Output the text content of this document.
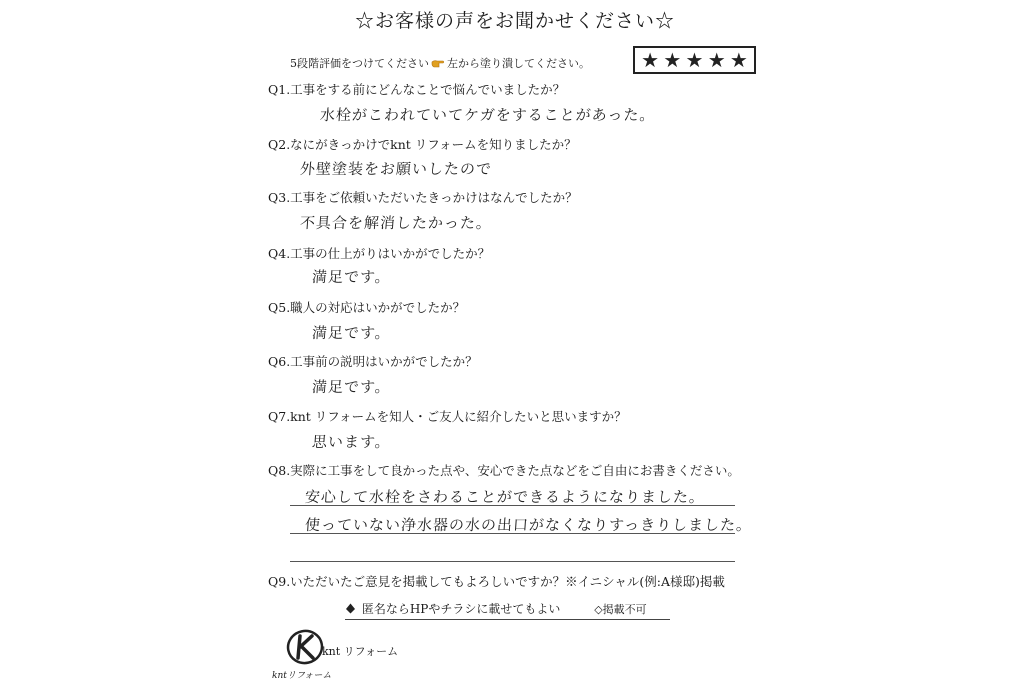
☆お客様の声をお聞かせください☆
5段階評価をつけてください 左から塗り潰してください。	★ ★ ★ ★ ★
Q1.工事をする前にどんなことで悩んでいましたか？
水栓がこわれていてケガをすることがあった。
Q2.なにがきっかけでknt リフォームを知りましたか？
外壁塗装をお願いしたので
Q3.工事をご依頼いただいたきっかけはなんでしたか？
不具合を解消したかった。
Q4.工事の仕上がりはいかがでしたか？
満足です。
Q5.職人の対応はいかがでしたか？
満足です。
Q6.工事前の説明はいかがでしたか？
満足です。
Q7.knt リフォームを知人・ご友人に紹介したいと思いますか？
思います。
Q8.実際に工事をして良かった点や、安心できた点などをご自由にお書きください。
安心して水栓をさわることができるようになりました。
使っていない浄水器の水の出口がなくなりすっきりしました。
Q9.いただいたご意見を掲載してもよろしいですか？※イニシャル(例:A様邸)掲載
匿名ならHPやチラシに載せてもよい	◇掲載不可
knt リフォーム
kntリフォーム
